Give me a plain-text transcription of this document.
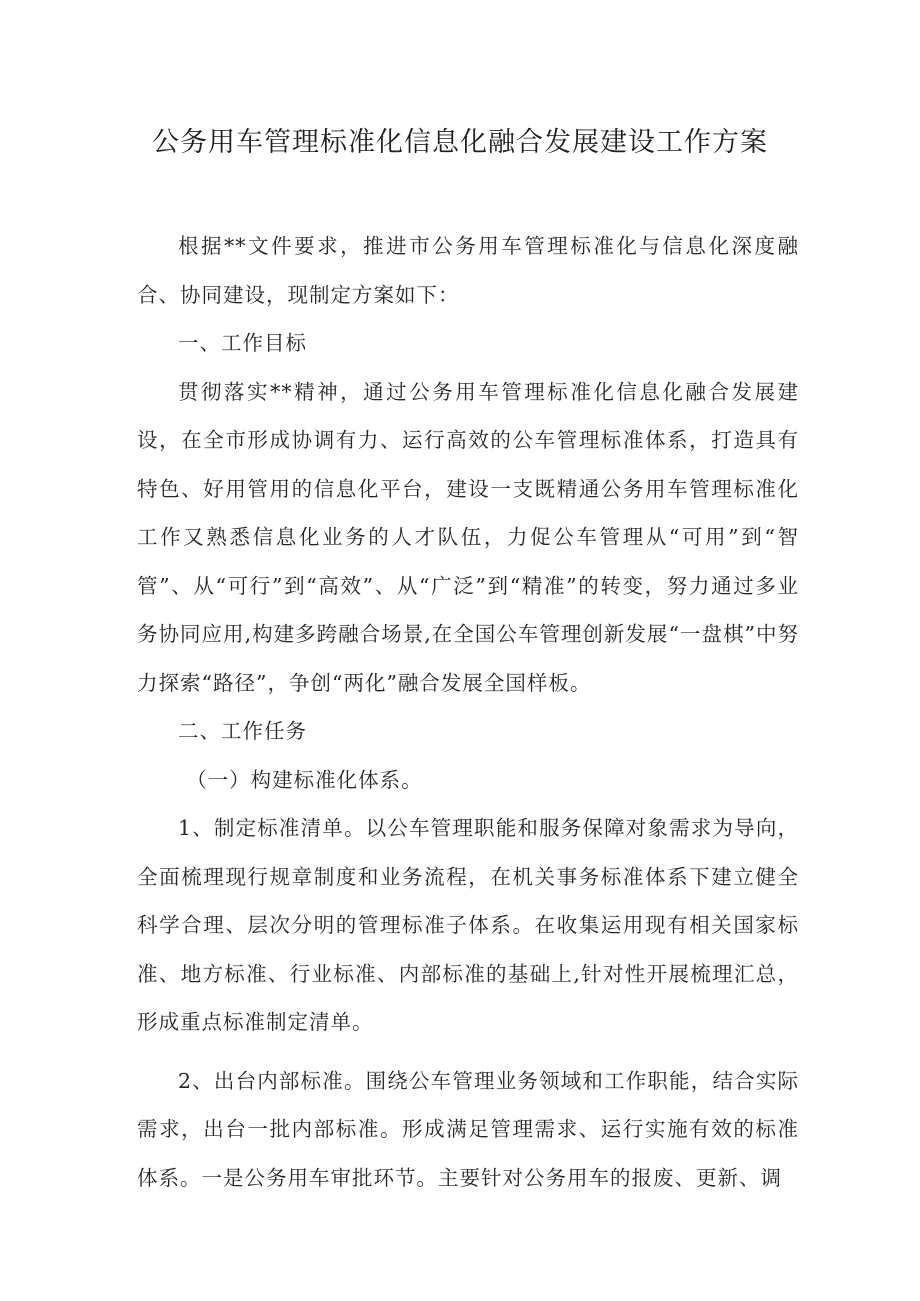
公务用车管理标准化信息化融合发展建设工作方案

根据**文件要求，推进市公务用车管理标准化与信息化深度融合、协同建设，现制定方案如下：

一、工作目标

贯彻落实**精神，通过公务用车管理标准化信息化融合发展建设，在全市形成协调有力、运行高效的公车管理标准体系，打造具有特色、好用管用的信息化平台，建设一支既精通公务用车管理标准化工作又熟悉信息化业务的人才队伍，力促公车管理从“可用”到“智管”、从“可行”到“高效”、从“广泛”到“精准”的转变，努力通过多业务协同应用,构建多跨融合场景,在全国公车管理创新发展“一盘棋”中努力探索“路径”，争创“两化”融合发展全国样板。

二、工作任务

（一）构建标准化体系。

1、制定标准清单。以公车管理职能和服务保障对象需求为导向，全面梳理现行规章制度和业务流程，在机关事务标准体系下建立健全科学合理、层次分明的管理标准子体系。在收集运用现有相关国家标准、地方标准、行业标准、内部标准的基础上,针对性开展梳理汇总，形成重点标准制定清单。

2、出台内部标准。围绕公车管理业务领域和工作职能，结合实际需求，出台一批内部标准。形成满足管理需求、运行实施有效的标准体系。一是公务用车审批环节。主要针对公务用车的报废、更新、调
